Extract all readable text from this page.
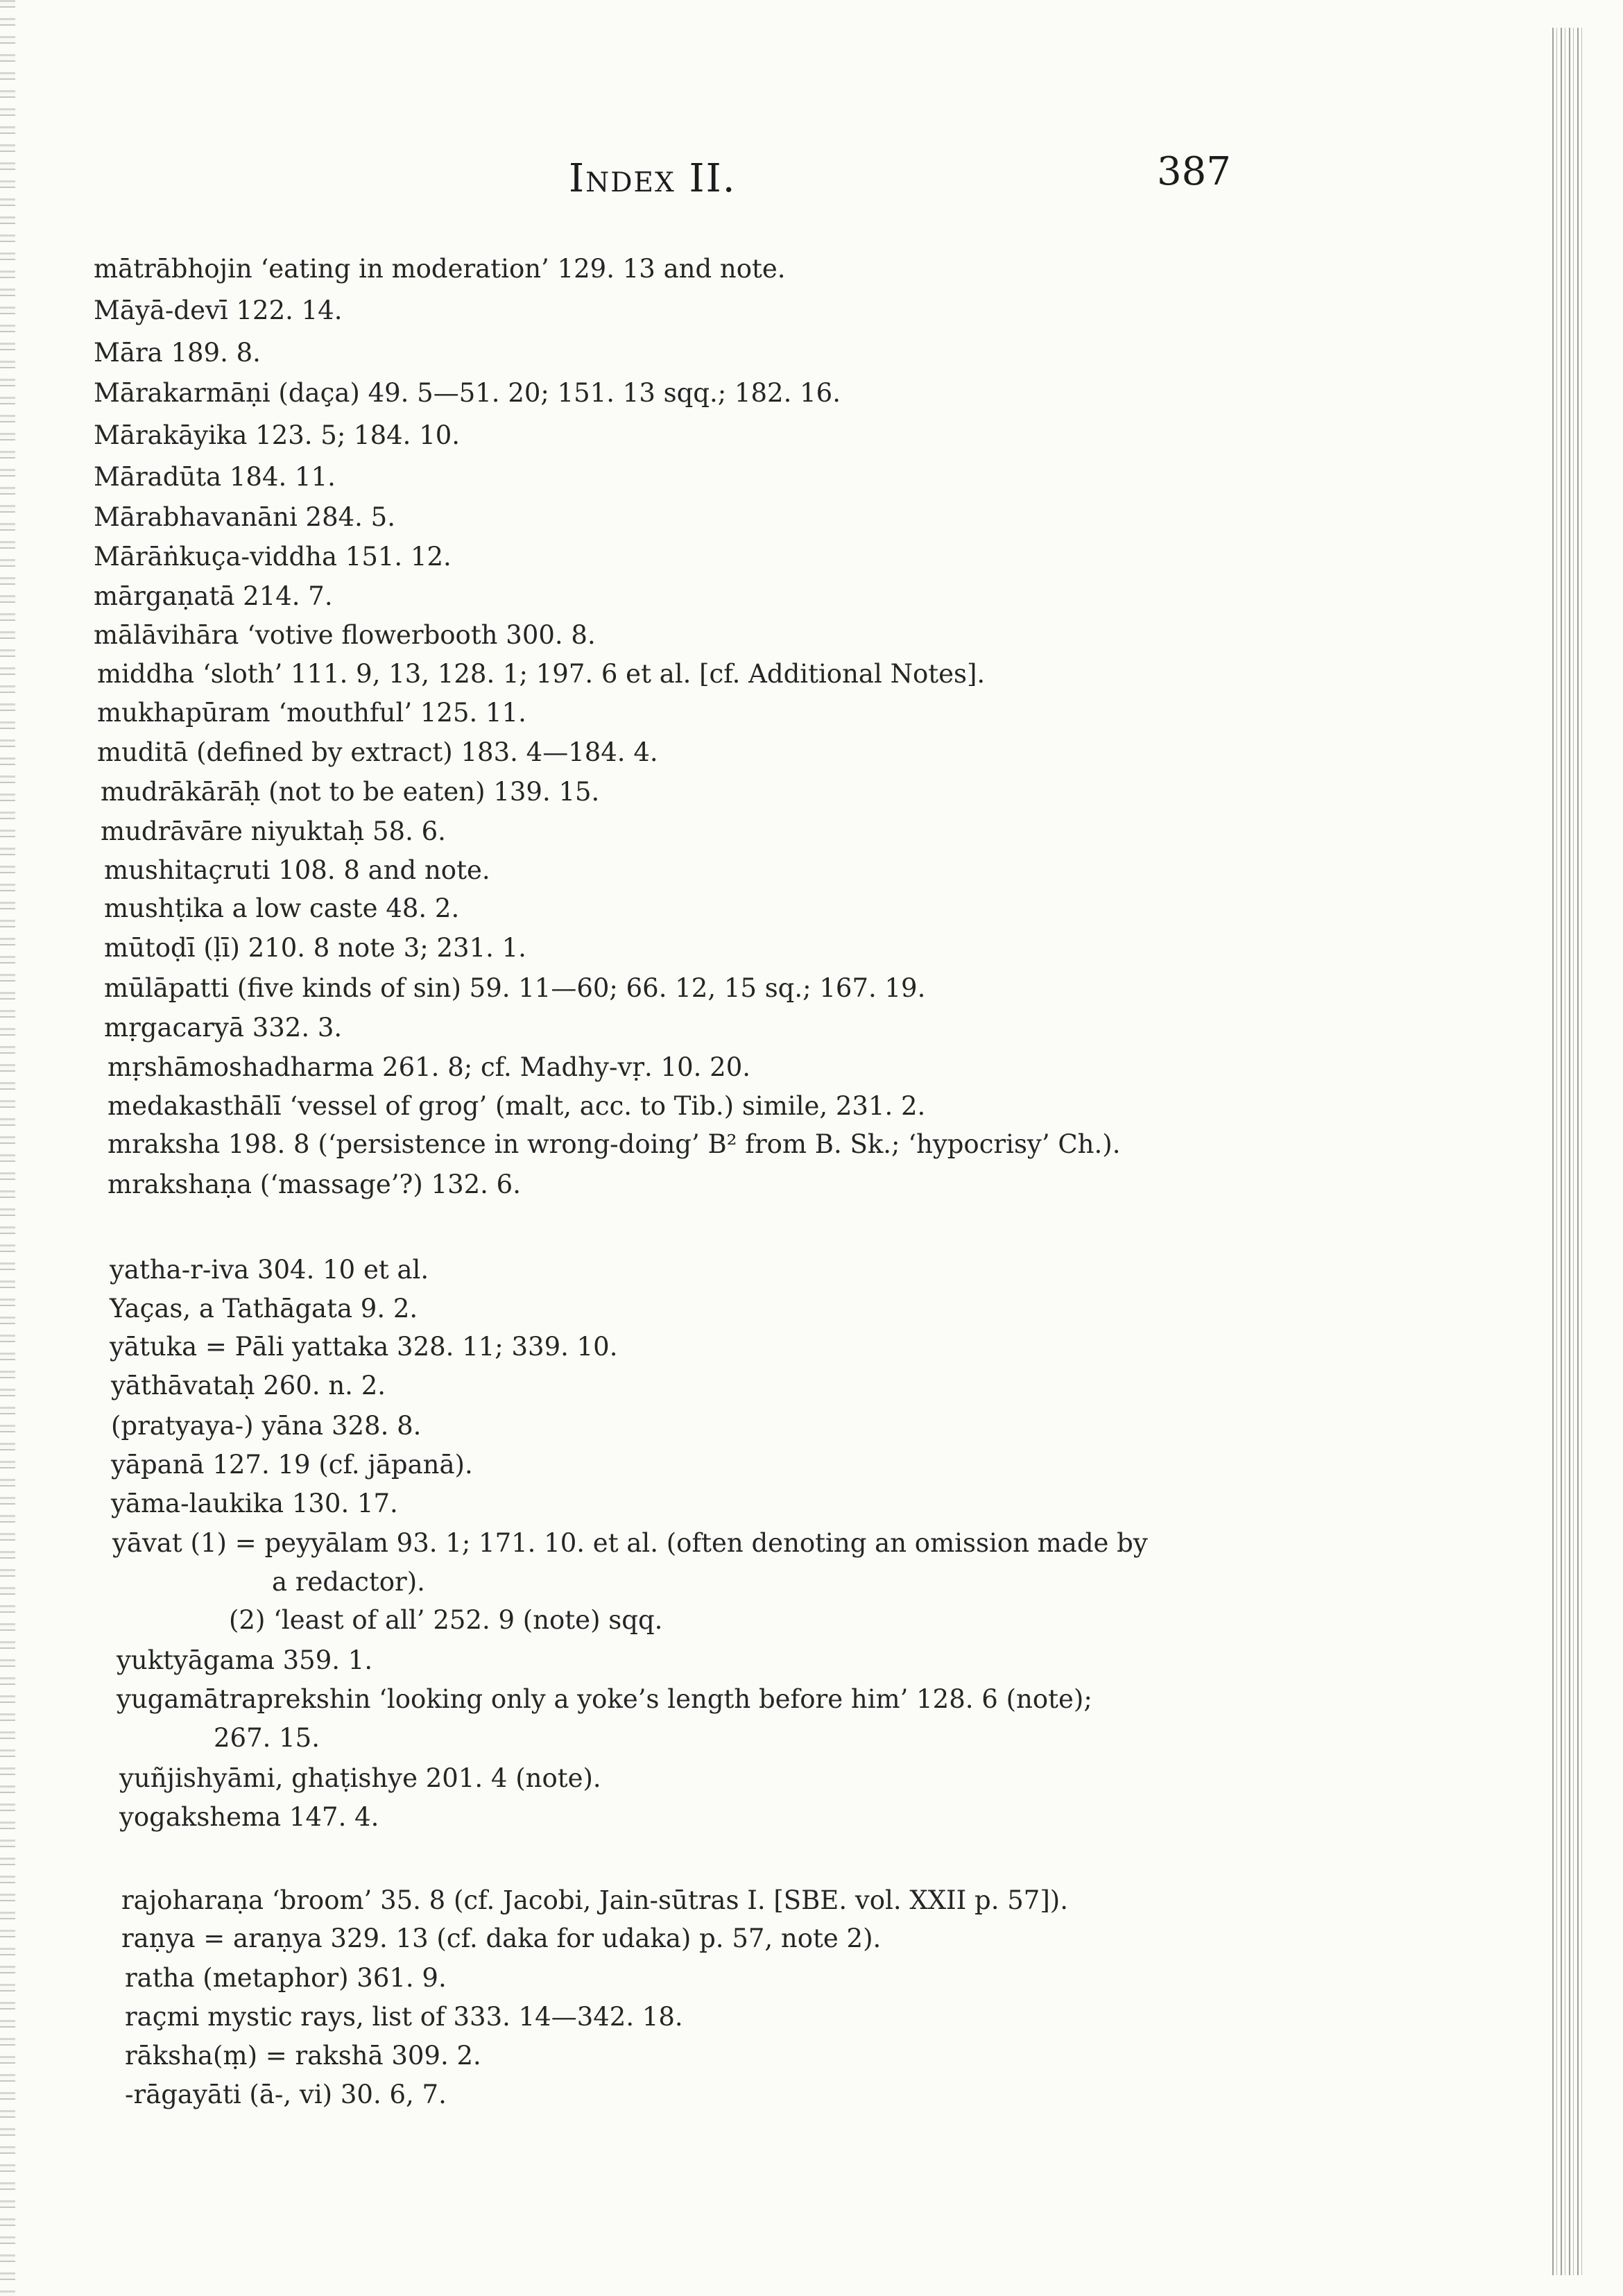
Index II.	387
mātrābhojin ‘eating in moderation’ 129. 13 and note.
Māyā-devī 122. 14.
Māra 189. 8.
Mārakarmāṇi (daça) 49. 5—51. 20; 151. 13 sqq.; 182. 16.
Mārakāyika 123. 5; 184. 10.
Māradūta 184. 11.
Mārabhavanāni 284. 5.
Mārāṅkuça-viddha 151. 12.
mārgaṇatā 214. 7.
mālāvihāra ‘votive flowerbooth 300. 8.
middha ‘sloth’ 111. 9, 13, 128. 1; 197. 6 et al. [cf. Additional Notes].
mukhapūram ‘mouthful’ 125. 11.
muditā (defined by extract) 183. 4—184. 4.
mudrākārāḥ (not to be eaten) 139. 15.
mudrāvāre niyuktaḥ 58. 6.
mushitaçruti 108. 8 and note.
mushṭika a low caste 48. 2.
mūtoḍī (ḷī) 210. 8 note 3; 231. 1.
mūlāpatti (five kinds of sin) 59. 11—60; 66. 12, 15 sq.; 167. 19.
mṛgacaryā 332. 3.
mṛshāmoshadharma 261. 8; cf. Madhy-vṛ. 10. 20.
medakasthālī ‘vessel of grog’ (malt, acc. to Tib.) simile, 231. 2.
mraksha 198. 8 (‘persistence in wrong-doing’ B² from B. Sk.; ‘hypocrisy’ Ch.).
mrakshaṇa (‘massage’?) 132. 6.
yatha-r-iva 304. 10 et al.
Yaças, a Tathāgata 9. 2.
yātuka = Pāli yattaka 328. 11; 339. 10.
yāthāvataḥ 260. n. 2.
(pratyaya-) yāna 328. 8.
yāpanā 127. 19 (cf. jāpanā).
yāma-laukika 130. 17.
yāvat (1) = peyyālam 93. 1; 171. 10. et al. (often denoting an omission made by
a redactor).
(2) ‘least of all’ 252. 9 (note) sqq.
yuktyāgama 359. 1.
yugamātraprekshin ‘looking only a yoke’s length before him’ 128. 6 (note);
267. 15.
yuñjishyāmi, ghaṭishye 201. 4 (note).
yogakshema 147. 4.
rajoharaṇa ‘broom’ 35. 8 (cf. Jacobi, Jain-sūtras I. [SBE. vol. XXII p. 57]).
raṇya = araṇya 329. 13 (cf. daka for udaka) p. 57, note 2).
ratha (metaphor) 361. 9.
raçmi mystic rays, list of 333. 14—342. 18.
rāksha(ṃ) = rakshā 309. 2.
-rāgayāti (ā-, vi) 30. 6, 7.
